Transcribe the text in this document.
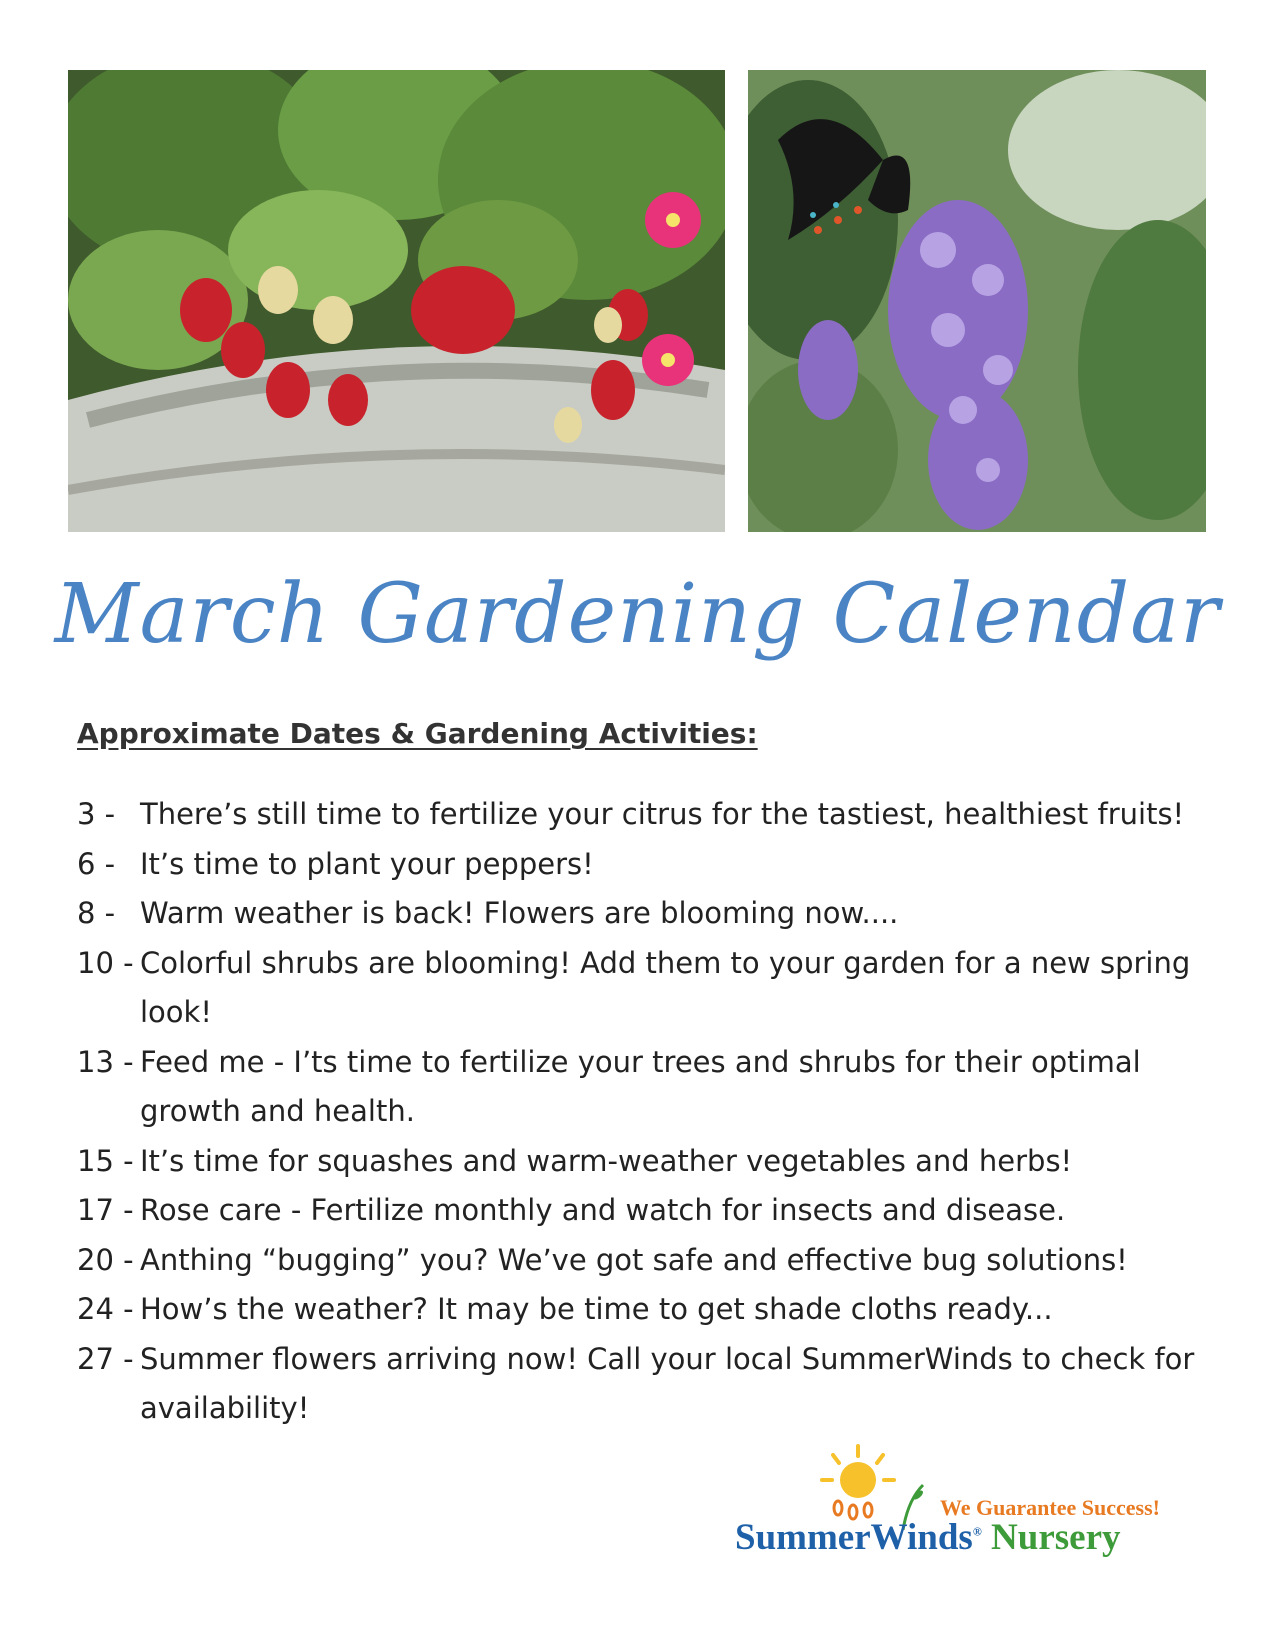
March Gardening Calendar
Approximate Dates & Gardening Activities:
3 - There’s still time to fertilize your citrus for the tastiest, healthiest fruits!
6 - It’s time to plant your peppers!
8 - Warm weather is back! Flowers are blooming now....
10 - Colorful shrubs are blooming! Add them to your garden for a new spring look!
13 - Feed me - I’ts time to fertilize your trees and shrubs for their optimal growth and health.
15 - It’s time for squashes and warm-weather vegetables and herbs!
17 - Rose care - Fertilize monthly and watch for insects and disease.
20 - Anthing “bugging” you? We’ve got safe and effective bug solutions!
24 - How’s the weather? It may be time to get shade cloths ready...
27 - Summer flowers arriving now! Call your local SummerWinds to check for availability!
We Guarantee Success!
SummerWinds® Nursery
